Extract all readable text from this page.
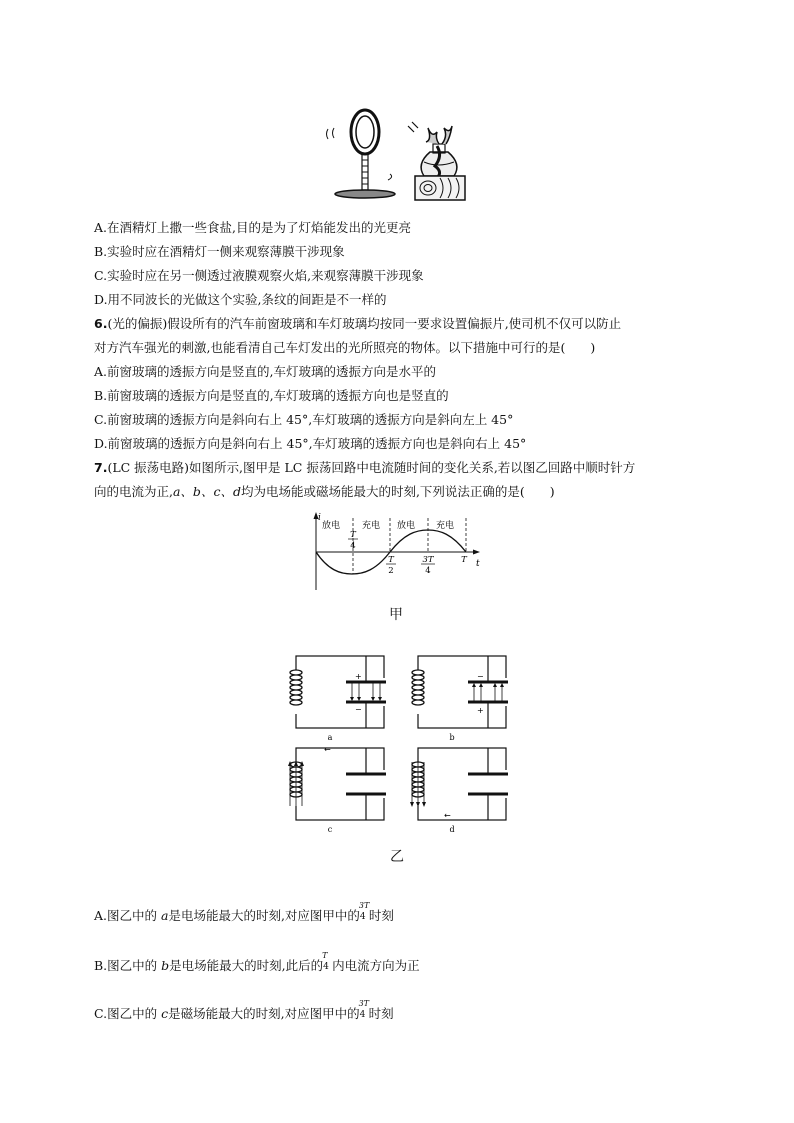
A.在酒精灯上撒一些食盐,目的是为了灯焰能发出的光更亮
B.实验时应在酒精灯一侧来观察薄膜干涉现象
C.实验时应在另一侧透过液膜观察火焰,来观察薄膜干涉现象
D.用不同波长的光做这个实验,条纹的间距是不一样的
6.(光的偏振)假设所有的汽车前窗玻璃和车灯玻璃均按同一要求设置偏振片,使司机不仅可以防止
对方汽车强光的刺激,也能看清自己车灯发出的光所照亮的物体。以下措施中可行的是(　　)
A.前窗玻璃的透振方向是竖直的,车灯玻璃的透振方向是水平的
B.前窗玻璃的透振方向是竖直的,车灯玻璃的透振方向也是竖直的
C.前窗玻璃的透振方向是斜向右上 45°,车灯玻璃的透振方向是斜向左上 45°
D.前窗玻璃的透振方向是斜向右上 45°,车灯玻璃的透振方向也是斜向右上 45°
7.(LC 振荡电路)如图所示,图甲是 LC 振荡回路中电流随时间的变化关系,若以图乙回路中顺时针方
向的电流为正,a、b、c、d均为电场能或磁场能最大的时刻,下列说法正确的是(　　)
i
t
放电 充电 放电 充电
T
4
T
2
3T
4
T
甲
+
−
a
−
+
b
←
c
←
d
乙
A.图乙中的 a是电场能最大的时刻,对应图甲中的
3T
4 时刻
B.图乙中的 b是电场能最大的时刻,此后的
T
4 内电流方向为正
C.图乙中的 c是磁场能最大的时刻,对应图甲中的
3T
4 时刻
